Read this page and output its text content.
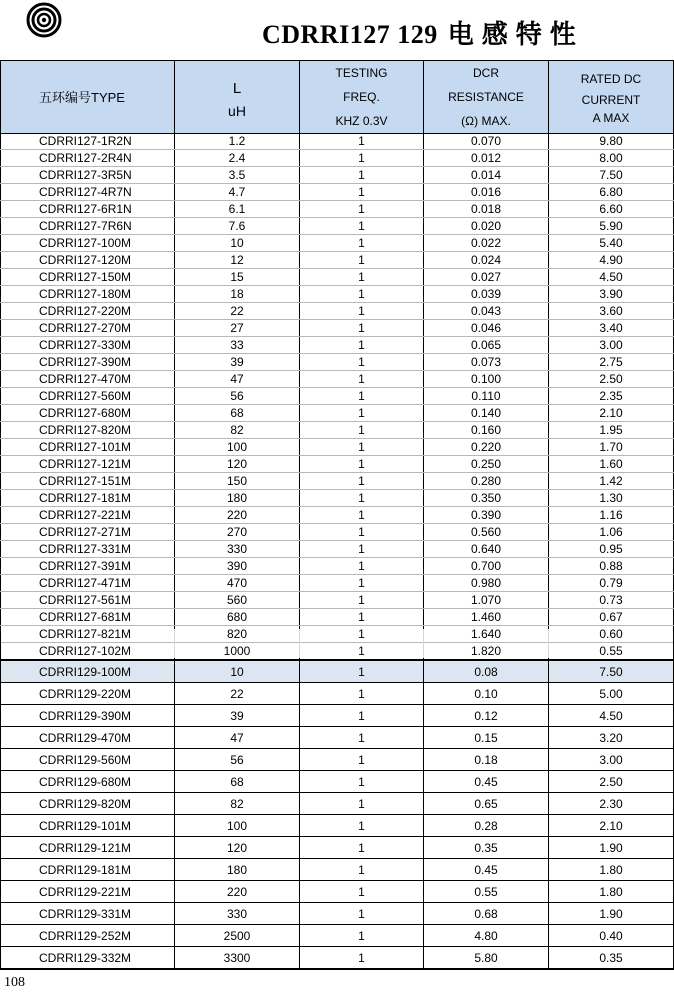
CDRRI127 129 电感特性
五环编号TYPE	
L
uH

TESTING
FREQ.
KHZ 0.3V

DCR
RESISTANCE
(Ω) MAX.

RATED DC
CURRENT
A MAX
CDRRI127-1R2N	1.2	1	0.070	9.80
CDRRI127-2R4N	2.4	1	0.012	8.00
CDRRI127-3R5N	3.5	1	0.014	7.50
CDRRI127-4R7N	4.7	1	0.016	6.80
CDRRI127-6R1N	6.1	1	0.018	6.60
CDRRI127-7R6N	7.6	1	0.020	5.90
CDRRI127-100M	10	1	0.022	5.40
CDRRI127-120M	12	1	0.024	4.90
CDRRI127-150M	15	1	0.027	4.50
CDRRI127-180M	18	1	0.039	3.90
CDRRI127-220M	22	1	0.043	3.60
CDRRI127-270M	27	1	0.046	3.40
CDRRI127-330M	33	1	0.065	3.00
CDRRI127-390M	39	1	0.073	2.75
CDRRI127-470M	47	1	0.100	2.50
CDRRI127-560M	56	1	0.110	2.35
CDRRI127-680M	68	1	0.140	2.10
CDRRI127-820M	82	1	0.160	1.95
CDRRI127-101M	100	1	0.220	1.70
CDRRI127-121M	120	1	0.250	1.60
CDRRI127-151M	150	1	0.280	1.42
CDRRI127-181M	180	1	0.350	1.30
CDRRI127-221M	220	1	0.390	1.16
CDRRI127-271M	270	1	0.560	1.06
CDRRI127-331M	330	1	0.640	0.95
CDRRI127-391M	390	1	0.700	0.88
CDRRI127-471M	470	1	0.980	0.79
CDRRI127-561M	560	1	1.070	0.73
CDRRI127-681M	680	1	1.460	0.67
CDRRI127-821M	820	1	1.640	0.60
CDRRI127-102M	1000	1	1.820	0.55

CDRRI129-100M	10	1	0.08	7.50
CDRRI129-220M	22	1	0.10	5.00
CDRRI129-390M	39	1	0.12	4.50
CDRRI129-470M	47	1	0.15	3.20
CDRRI129-560M	56	1	0.18	3.00
CDRRI129-680M	68	1	0.45	2.50
CDRRI129-820M	82	1	0.65	2.30
CDRRI129-101M	100	1	0.28	2.10
CDRRI129-121M	120	1	0.35	1.90
CDRRI129-181M	180	1	0.45	1.80
CDRRI129-221M	220	1	0.55	1.80
CDRRI129-331M	330	1	0.68	1.90
CDRRI129-252M	2500	1	4.80	0.40
CDRRI129-332M	3300	1	5.80	0.35
108
